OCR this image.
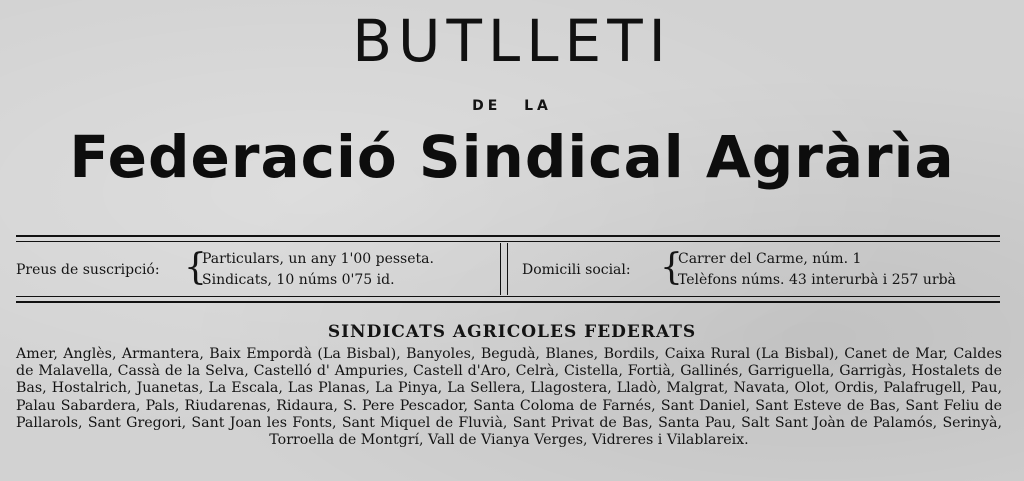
BUTLLETI
DE LA
Federació Sindical Agràrìa
Preus de suscripció: {
Particulars, un any 1'00 pesseta.
Sindicats, 10 núms 0'75 id.
Domicili social: {
Carrer del Carme, núm. 1
Telèfons núms. 43 interurbà i 257 urbà
SINDICATS AGRICOLES FEDERATS
Amer, Anglès, Armantera, Baix Empordà (La Bisbal), Banyoles, Begudà, Blanes, Bordils, Caixa Rural (La Bisbal), Canet de Mar, Caldes de Malavella, Cassà de la Selva, Castelló d' Ampuries, Castell d'Aro, Celrà, Cistella, Fortià, Gallinés, Garriguella, Garrigàs, Hostalets de Bas, Hostalrich, Juanetas, La Escala, Las Planas, La Pinya, La Sellera, Llagostera, Lladò, Malgrat, Navata, Olot, Ordis, Palafrugell, Pau, Palau Sabardera, Pals, Riudarenas, Ridaura, S. Pere Pescador, Santa Coloma de Farnés, Sant Daniel, Sant Esteve de Bas, Sant Feliu de Pallarols, Sant Gregori, Sant Joan les Fonts, Sant Miquel de Fluvià, Sant Privat de Bas, Santa Pau, Salt Sant Joàn de Palamós, Serinyà, Torroella de Montgrí, Vall de Vianya Verges, Vidreres i Vilablareix.
